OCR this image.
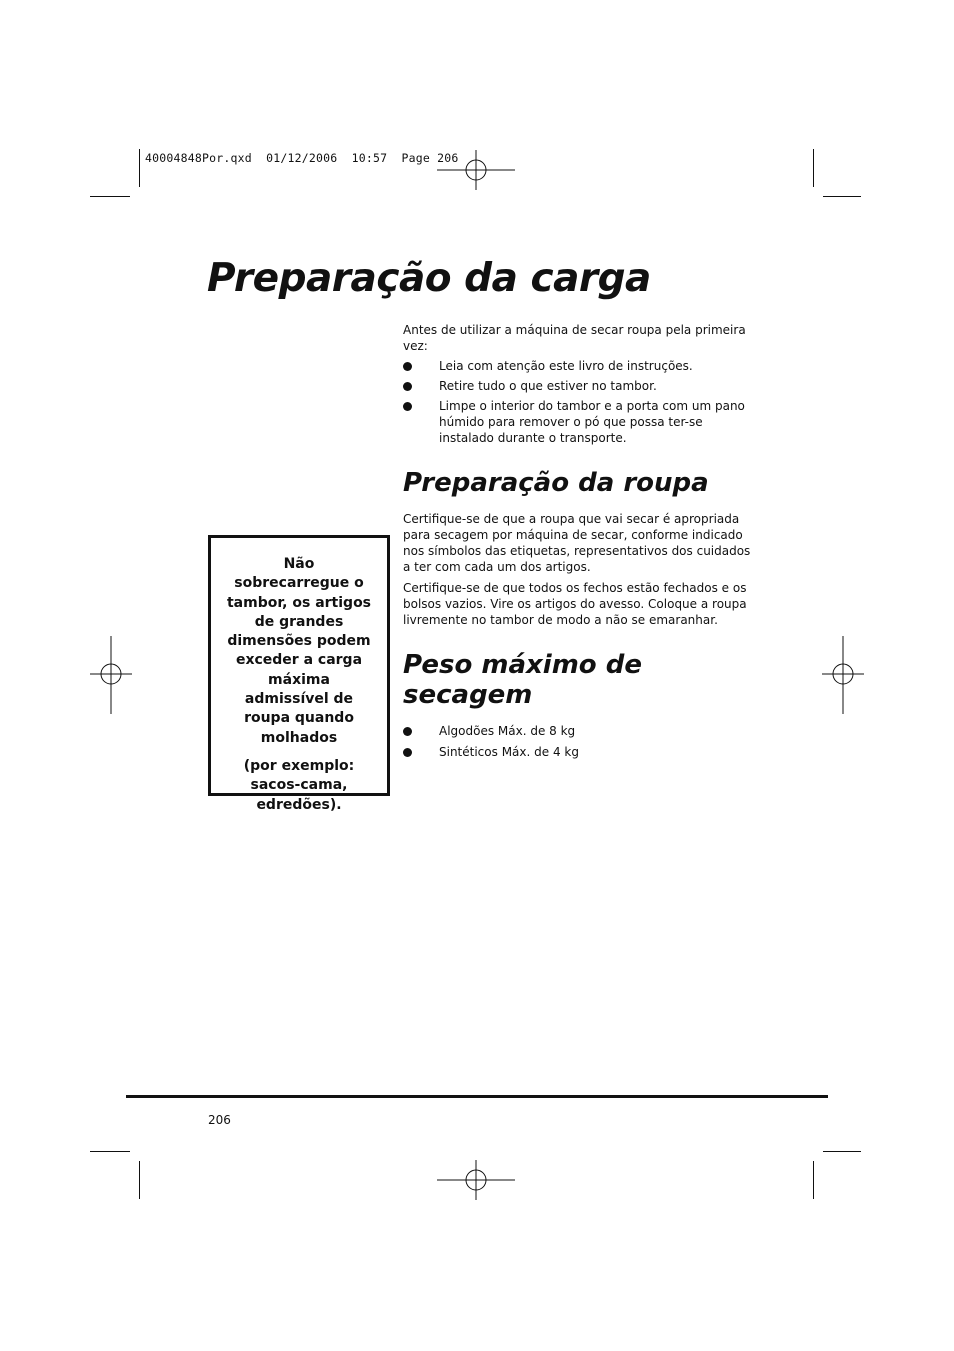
40004848Por.qxd  01/12/2006  10:57  Page 206
Preparação da carga

Antes de utilizar a máquina de secar roupa pela primeira vez:

Leia com atenção este livro de instruções.
Retire tudo o que estiver no tambor.
Limpe o interior do tambor e a porta com um pano húmido para remover o pó que possa ter-se instalado durante o transporte.
Preparação da roupa

Certifique-se de que a roupa que vai secar é apropriada para secagem por máquina de secar, conforme indicado nos símbolos das etiquetas, representativos dos cuidados a ter com cada um dos artigos.

Certifique-se de que todos os fechos estão fechados e os bolsos vazios. Vire os artigos do avesso. Coloque a roupa livremente no tambor de modo a não se emaranhar.

Peso máximo de secagem
Algodões Máx. de 8 kg
Sintéticos Máx. de 4 kg

Não sobrecarregue o tambor, os artigos de grandes dimensões podem exceder a carga máxima admissível de roupa quando molhados

(por exemplo: sacos-cama, edredões).

206
